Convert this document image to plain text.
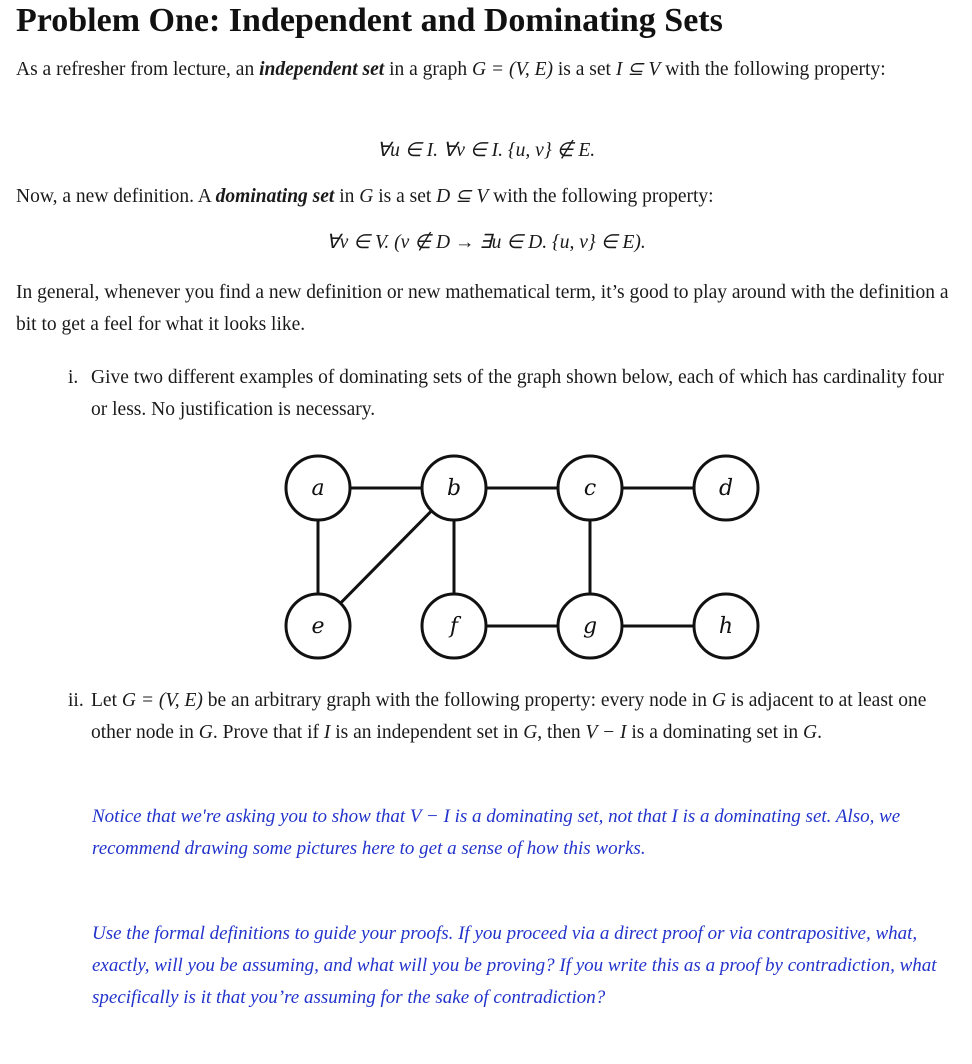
Problem One: Independent and Dominating Sets

As a refresher from lecture, an independent set in a graph G = (V, E) is a set I ⊆ V with the following property:

∀u ∈ I. ∀v ∈ I. {u, v} ∉ E.

Now, a new definition. A dominating set in G is a set D ⊆ V with the following property:

∀v ∈ V. (v ∉ D → ∃u ∈ D. {u, v} ∈ E).

In general, whenever you find a new definition or new mathematical term, it’s good to play around with the definition a bit to get a feel for what it looks like.

i. Give two different examples of dominating sets of the graph shown below, each of which has cardinality four or less. No justification is necessary.
a	b	c	d
e	f	g	h
ii. Let G = (V, E) be an arbitrary graph with the following property: every node in G is adjacent to at least one other node in G. Prove that if I is an independent set in G, then V − I is a dominating set in G.

Notice that we're asking you to show that V − I is a dominating set, not that I is a dominating set. Also, we recommend drawing some pictures here to get a sense of how this works.

Use the formal definitions to guide your proofs. If you proceed via a direct proof or via contrapositive, what, exactly, will you be assuming, and what will you be proving? If you write this as a proof by contradiction, what specifically is it that you’re assuming for the sake of contradiction?
